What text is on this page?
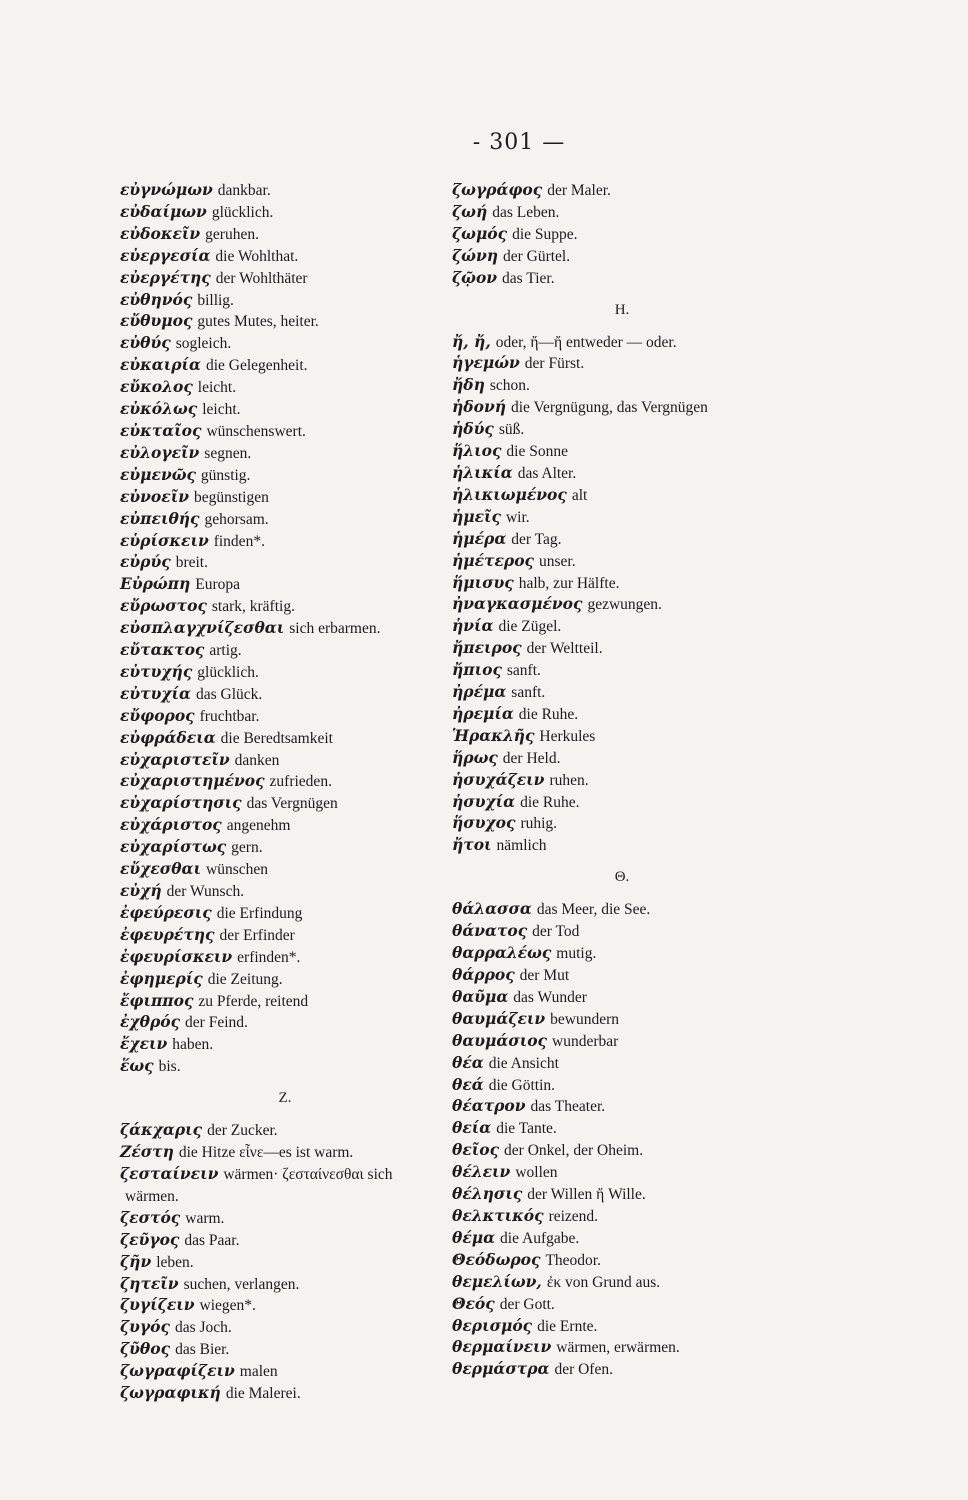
- 301 —
εὐγνώμων dankbar.
εὐδαίμων glücklich.
εὐδοκεῖν geruhen.
εὐεργεσία die Wohlthat.
εὐεργέτης der Wohlthäter
εὐθηνός billig.
εὔθυμος gutes Mutes, heiter.
εὐθύς sogleich.
εὐκαιρία die Gelegenheit.
εὔκολος leicht.
εὐκόλως leicht.
εὐκταῖος wünschenswert.
εὐλογεῖν segnen.
εὐμενῶς günstig.
εὐνοεῖν begünstigen
εὐπειθής gehorsam.
εὑρίσκειν finden*.
εὐρύς breit.
Εὐρώπη Europa
εὔρωστος stark, kräftig.
εὐσπλαγχνίζεσθαι sich erbarmen.
εὔτακτος artig.
εὐτυχής glücklich.
εὐτυχία das Glück.
εὔφορος fruchtbar.
εὐφράδεια die Beredtsamkeit
εὐχαριστεῖν danken
εὐχαριστημένος zufrieden.
εὐχαρίστησις das Vergnügen
εὐχάριστος angenehm
εὐχαρίστως gern.
εὔχεσθαι wünschen
εὐχή der Wunsch.
ἐφεύρεσις die Erfindung
ἐφευρέτης der Erfinder
ἐφευρίσκειν erfinden*.
ἐφημερίς die Zeitung.
ἔφιππος zu Pferde, reitend
ἐχθρός der Feind.
ἔχειν haben.
ἕως bis.
Z.
ζάκχαρις der Zucker.
Ζέστη die Hitze εἶνε—es ist warm.
ζεσταίνειν wärmen· ζεσταίνεσθαι sich
wärmen.
ζεστός warm.
ζεῦγος das Paar.
ζῆν leben.
ζητεῖν suchen, verlangen.
ζυγίζειν wiegen*.
ζυγός das Joch.
ζῦθος das Bier.
ζωγραφίζειν malen
ζωγραφική die Malerei.
ζωγράφος der Maler.
ζωή das Leben.
ζωμός die Suppe.
ζώνη der Gürtel.
ζῷον das Tier.
H.
ἤ, ἤ, oder, ἤ—ἤ entweder — oder.
ἡγεμών der Fürst.
ἤδη schon.
ἡδονή die Vergnügung, das Vergnügen
ἡδύς süß.
ἥλιος die Sonne
ἡλικία das Alter.
ἡλικιωμένος alt
ἡμεῖς wir.
ἡμέρα der Tag.
ἡμέτερος unser.
ἥμισυς halb, zur Hälfte.
ἠναγκασμένος gezwungen.
ἡνία die Zügel.
ἤπειρος der Weltteil.
ἤπιος sanft.
ἠρέμα sanft.
ἠρεμία die Ruhe.
Ἡρακλῆς Herkules
ἥρως der Held.
ἡσυχάζειν ruhen.
ἡσυχία die Ruhe.
ἥσυχος ruhig.
ἤτοι nämlich
Θ.
θάλασσα das Meer, die See.
θάνατος der Tod
θαρραλέως mutig.
θάρρος der Mut
θαῦμα das Wunder
θαυμάζειν bewundern
θαυμάσιος wunderbar
θέα die Ansicht
θεά die Göttin.
θέατρον das Theater.
θεία die Tante.
θεῖος der Onkel, der Oheim.
θέλειν wollen
θέλησις der Willen ἤ Wille.
θελκτικός reizend.
θέμα die Aufgabe.
Θεόδωρος Theodor.
θεμελίων, ἐκ von Grund aus.
Θεός der Gott.
θερισμός die Ernte.
θερμαίνειν wärmen, erwärmen.
θερμάστρα der Ofen.
